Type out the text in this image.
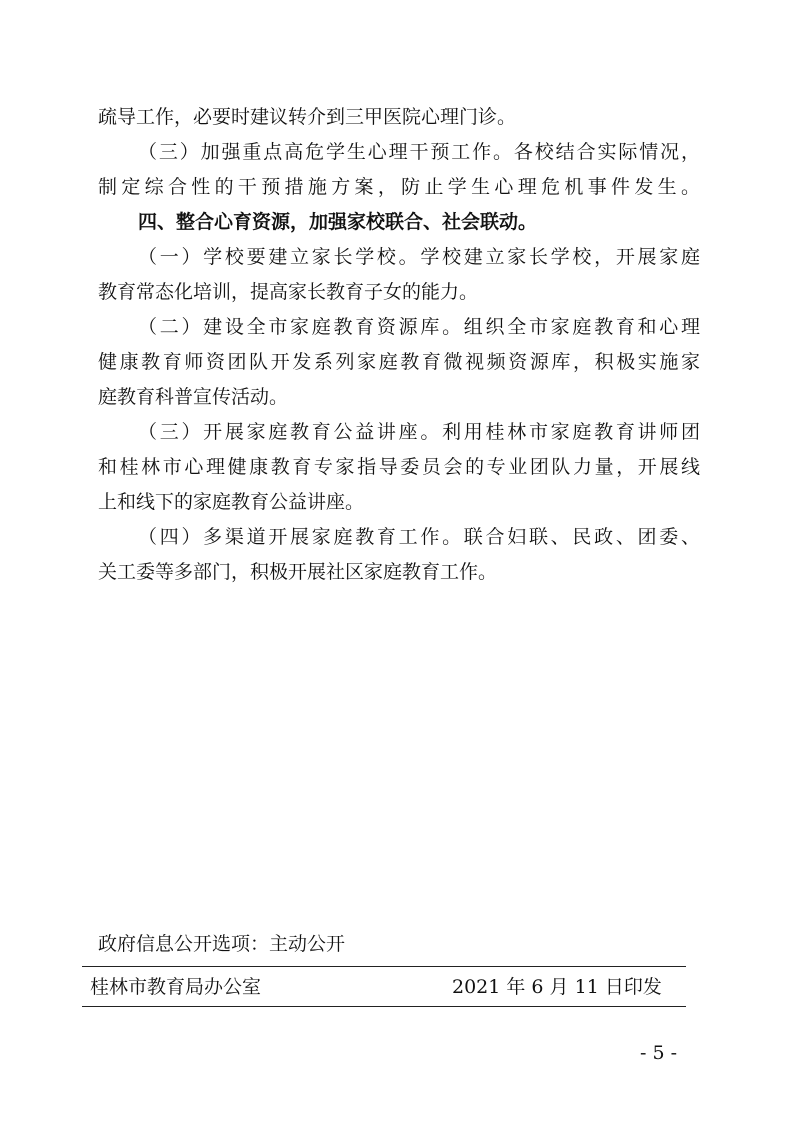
疏导工作，必要时建议转介到三甲医院心理门诊。
（三）加强重点高危学生心理干预工作。各校结合实际情况，
制定综合性的干预措施方案，防止学生心理危机事件发生。
四、整合心育资源，加强家校联合、社会联动。
（一）学校要建立家长学校。学校建立家长学校，开展家庭
教育常态化培训，提高家长教育子女的能力。
（二）建设全市家庭教育资源库。组织全市家庭教育和心理
健康教育师资团队开发系列家庭教育微视频资源库，积极实施家
庭教育科普宣传活动。
（三）开展家庭教育公益讲座。利用桂林市家庭教育讲师团
和桂林市心理健康教育专家指导委员会的专业团队力量，开展线
上和线下的家庭教育公益讲座。
（四）多渠道开展家庭教育工作。联合妇联、民政、团委、
关工委等多部门，积极开展社区家庭教育工作。
政府信息公开选项：主动公开
桂林市教育局办公室	2021 年 6 月 11 日印发
- 5 -
